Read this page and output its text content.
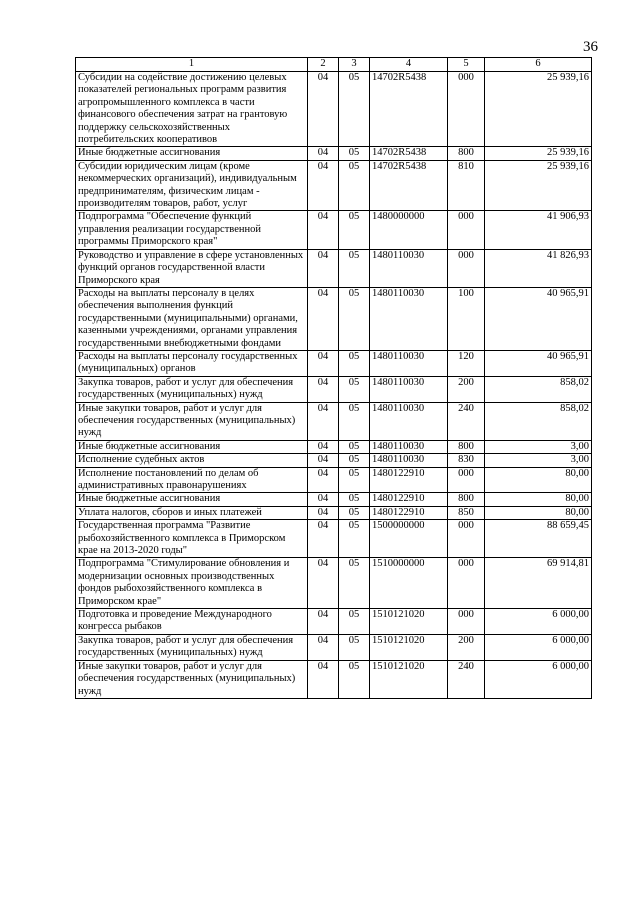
36
1	2	3	4	5	6
Субсидии на содействие достижению целевых показателей региональных программ развития агропромышленного комплекса в части финансового обеспечения затрат на грантовую поддержку сельскохозяйственных потребительских кооперативов	04	05	14702R5438	000	25 939,16
Иные бюджетные ассигнования	04	05	14702R5438	800	25 939,16
Субсидии юридическим лицам (кроме некоммерческих организаций), индивидуальным предпринимателям, физическим лицам - производителям товаров, работ, услуг	04	05	14702R5438	810	25 939,16
Подпрограмма "Обеспечение функций управления реализации государственной программы Приморского края"	04	05	1480000000	000	41 906,93
Руководство и управление в сфере установленных функций органов государственной власти Приморского края	04	05	1480110030	000	41 826,93
Расходы на выплаты персоналу в целях обеспечения выполнения функций государственными (муниципальными) органами, казенными учреждениями, органами управления государственными внебюджетными фондами	04	05	1480110030	100	40 965,91
Расходы на выплаты персоналу государственных (муниципальных) органов	04	05	1480110030	120	40 965,91
Закупка товаров, работ и услуг для обеспечения государственных (муниципальных) нужд	04	05	1480110030	200	858,02
Иные закупки товаров, работ и услуг для обеспечения государственных (муниципальных) нужд	04	05	1480110030	240	858,02
Иные бюджетные ассигнования	04	05	1480110030	800	3,00
Исполнение судебных актов	04	05	1480110030	830	3,00
Исполнение постановлений по делам об административных правонарушениях	04	05	1480122910	000	80,00
Иные бюджетные ассигнования	04	05	1480122910	800	80,00
Уплата налогов, сборов и иных платежей	04	05	1480122910	850	80,00
Государственная программа "Развитие рыбохозяйственного комплекса в Приморском крае на 2013-2020 годы"	04	05	1500000000	000	88 659,45
Подпрограмма "Стимулирование обновления и модернизации основных производственных фондов рыбохозяйственного комплекса в Приморском крае"	04	05	1510000000	000	69 914,81
Подготовка и проведение Международного конгресса рыбаков	04	05	1510121020	000	6 000,00
Закупка товаров, работ и услуг для обеспечения государственных (муниципальных) нужд	04	05	1510121020	200	6 000,00
Иные закупки товаров, работ и услуг для обеспечения государственных (муниципальных) нужд	04	05	1510121020	240	6 000,00
